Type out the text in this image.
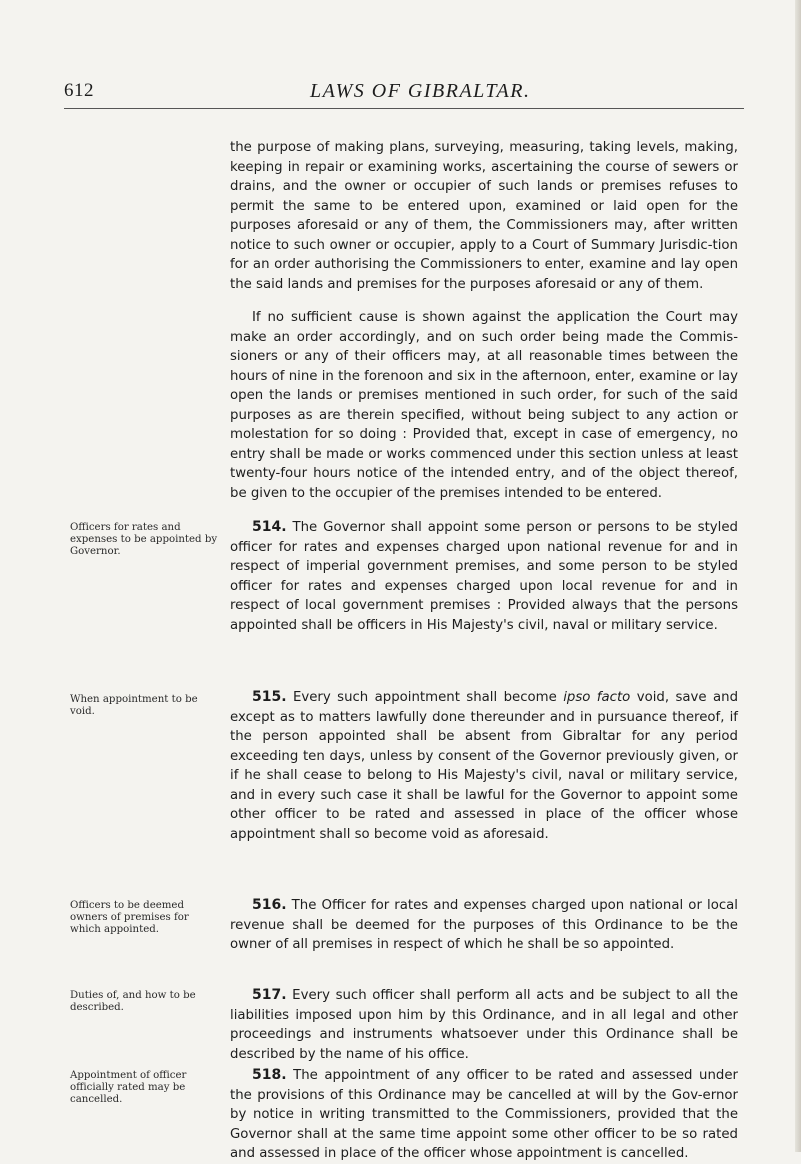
612	LAWS OF GIBRALTAR.

the purpose of making plans, surveying, measuring, taking levels, making, keeping in repair or examining works, ascertaining the course of sewers or drains, and the owner or occupier of such lands or premises refuses to permit the same to be entered upon, examined or laid open for the purposes aforesaid or any of them, the Commissioners may, after written notice to such owner or occupier, apply to a Court of Summary Jurisdic-tion for an order authorising the Commissioners to enter, examine and lay open the said lands and premises for the purposes aforesaid or any of them.

If no sufficient cause is shown against the application the Court may make an order accordingly, and on such order being made the Commis-sioners or any of their officers may, at all reasonable times between the hours of nine in the forenoon and six in the afternoon, enter, examine or lay open the lands or premises mentioned in such order, for such of the said purposes as are therein specified, without being subject to any action or molestation for so doing : Provided that, except in case of emergency, no entry shall be made or works commenced under this section unless at least twenty-four hours notice of the intended entry, and of the object thereof, be given to the occupier of the premises intended to be entered.

Officers for rates and expenses to be appointed by Governor.

514. The Governor shall appoint some person or persons to be styled officer for rates and expenses charged upon national revenue for and in respect of imperial government premises, and some person to be styled officer for rates and expenses charged upon local revenue for and in respect of local government premises : Provided always that the persons appointed shall be officers in His Majesty's civil, naval or military service.

When appointment to be void.

515. Every such appointment shall become ipso facto void, save and except as to matters lawfully done thereunder and in pursuance thereof, if the person appointed shall be absent from Gibraltar for any period exceeding ten days, unless by consent of the Governor previously given, or if he shall cease to belong to His Majesty's civil, naval or military service, and in every such case it shall be lawful for the Governor to appoint some other officer to be rated and assessed in place of the officer whose appointment shall so become void as aforesaid.

Officers to be deemed owners of premises for which appointed.

516. The Officer for rates and expenses charged upon national or local revenue shall be deemed for the purposes of this Ordinance to be the owner of all premises in respect of which he shall be so appointed.

Duties of, and how to be described.

517. Every such officer shall perform all acts and be subject to all the liabilities imposed upon him by this Ordinance, and in all legal and other proceedings and instruments whatsoever under this Ordinance shall be described by the name of his office.

Appointment of officer officially rated may be cancelled.

518. The appointment of any officer to be rated and assessed under the provisions of this Ordinance may be cancelled at will by the Gov-ernor by notice in writing transmitted to the Commissioners, provided that the Governor shall at the same time appoint some other officer to be so rated and assessed in place of the officer whose appointment is cancelled.
